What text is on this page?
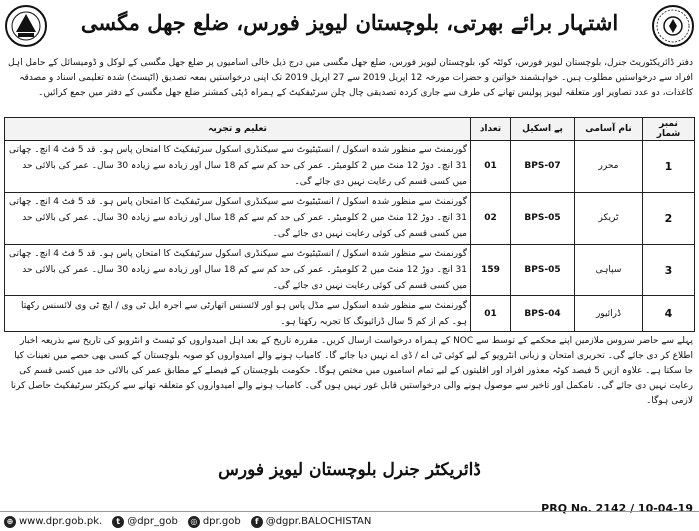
اشتہار برائے بھرتی، بلوچستان لیویز فورس، ضلع جھل مگسی
دفتر ڈائریکٹوریٹ جنرل، بلوچستان لیویز فورس، کوئٹہ کو، بلوچستان لیویز فورس، ضلع جھل مگسی میں درج ذیل خالی اسامیوں پر ضلع جھل مگسی کے لوکل و ڈومیسائل کے حامل اہل افراد سے درخواستیں مطلوب ہیں۔ خواہشمند خواتین و حضرات مورخہ 12 اپریل 2019 سے 27 اپریل 2019 تک اپنی درخواستیں بمعہ تصدیق (اٹیسٹ) شدہ تعلیمی اسناد و مصدقہ کاغذات، دو عدد تصاویر اور متعلقہ لیویز پولیس تھانے کی طرف سے جاری کردہ تصدیقی چال چلن سرٹیفکیٹ کے ہمراہ ڈپٹی کمشنر ضلع جھل مگسی کے دفتر میں جمع کرائیں۔
نمبر شمار	نام آسامی	پے اسکیل	تعداد	تعلیم و تجربہ
1	محرر	BPS-07	01	گورنمنٹ سے منظور شدہ اسکول / انسٹیٹیوٹ سے سیکنڈری اسکول سرٹیفکیٹ کا امتحان پاس ہو۔ قد 5 فٹ 4 انچ۔ چھاتی 31 انچ۔ دوڑ 12 منٹ میں 2 کلومیٹر۔ عمر کی حد کم سے کم 18 سال اور زیادہ سے زیادہ 30 سال۔ عمر کی بالائی حد میں کسی قسم کی رعایت نہیں دی جائے گی۔
2	ٹریکر	BPS-05	02	گورنمنٹ سے منظور شدہ اسکول / انسٹیٹیوٹ سے سیکنڈری اسکول سرٹیفکیٹ کا امتحان پاس ہو۔ قد 5 فٹ 4 انچ۔ چھاتی 31 انچ۔ دوڑ 12 منٹ میں 2 کلومیٹر۔ عمر کی حد کم سے کم 18 سال اور زیادہ سے زیادہ 30 سال۔ عمر کی بالائی حد میں کسی قسم کی کوئی رعایت نہیں دی جائے گی۔
3	سپاہی	BPS-05	159	گورنمنٹ سے منظور شدہ اسکول / انسٹیٹیوٹ سے سیکنڈری اسکول سرٹیفکیٹ کا امتحان پاس ہو۔ قد 5 فٹ 4 انچ۔ چھاتی 31 انچ۔ دوڑ 12 منٹ میں 2 کلومیٹر۔ عمر کی حد کم سے کم 18 سال اور زیادہ سے زیادہ 30 سال۔ عمر کی بالائی حد میں کسی قسم کی کوئی رعایت نہیں دی جائے گی۔
4	ڈرائیور	BPS-04	01	گورنمنٹ سے منظور شدہ اسکول سے مڈل پاس ہو اور لائسنس اتھارٹی سے اجرہ ایل ٹی وی / ایچ ٹی وی لائسنس رکھتا ہو۔ کم از کم 5 سال ڈرائیونگ کا تجربہ رکھتا ہو۔
پہلے سے حاضر سروس ملازمین اپنے محکمے کے توسط سے NOC کے ہمراہ درخواست ارسال کریں۔ مقررہ تاریخ کے بعد اہل امیدواروں کو ٹیسٹ و انٹرویو کی تاریخ سے بذریعہ اخبار اطلاع کر دی جائے گی۔ تحریری امتحان و زبانی انٹرویو کے لیے کوئی ٹی اے / ڈی اے نہیں دیا جائے گا۔ کامیاب ہونے والے امیدواروں کو صوبہ بلوچستان کے کسی بھی حصے میں تعینات کیا جا سکتا ہے۔ علاوہ ازیں 5 فیصد کوٹہ معذور افراد اور اقلیتوں کے لیے تمام اسامیوں میں مختص ہوگا۔ حکومت بلوچستان کے فیصلے کے مطابق عمر کی بالائی حد میں کسی قسم کی رعایت نہیں دی جائے گی۔ نامکمل اور تاخیر سے موصول ہونے والی درخواستیں قابل غور نہیں ہوں گی۔ کامیاب ہونے والے امیدواروں کو متعلقہ تھانے سے کریکٹر سرٹیفکیٹ حاصل کرنا لازمی ہوگا۔
ڈائریکٹر جنرل بلوچستان لیویز فورس
PRQ No. 2142 / 10-04-19
⊕ www.dpr.gob.pk.	t @dpr_gob	◎ dpr.gob	f @dgpr.BALOCHISTAN
